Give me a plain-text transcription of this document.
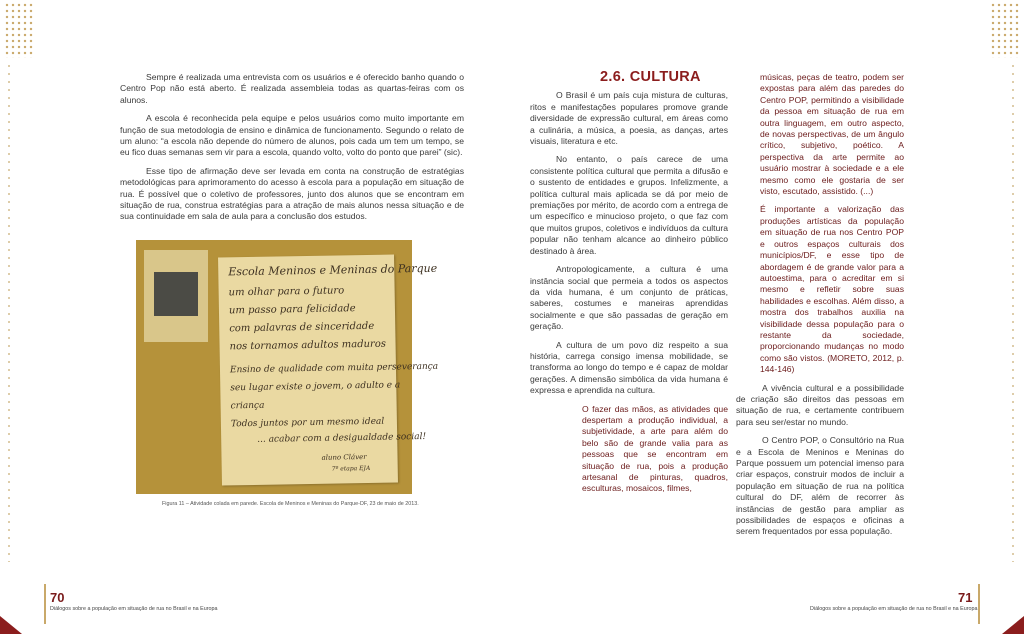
Sempre é realizada uma entrevista com os usuários e é oferecido banho quando o Centro Pop não está aberto. É realizada assembleia todas as quartas-feiras com os alunos.

A escola é reconhecida pela equipe e pelos usuários como muito importante em função de sua metodologia de ensino e dinâmica de funcionamento. Segundo o relato de um aluno: “a escola não depende do número de alunos, pois cada um tem um tempo, se eu fico duas semanas sem vir para a escola, quando volto, volto do ponto que parei” (sic).

Esse tipo de afirmação deve ser levada em conta na construção de estratégias metodológicas para aprimoramento do acesso à escola para a população em situação de rua. É possível que o coletivo de professores, junto dos alunos que se encontram em situação de rua, construa estratégias para a atração de mais alunos nessa situação e de sua continuidade em sala de aula para a conclusão dos estudos.

Escola Meninos e Meninas do Parque
um olhar para o futuro
um passo para felicidade
com palavras de sinceridade
nos tornamos adultos maduros
Ensino de qualidade com muita perseverança
seu lugar existe o jovem, o adulto e a
criança
Todos juntos por um mesmo ideal
... acabar com a desigualdade social!
aluno Cláver
7º etapa EJA
Figura 11 – Atividade colada em parede. Escola de Meninos e Meninas do Parque-DF, 23 de maio de 2013.
70
Diálogos sobre a população em situação de rua no Brasil e na Europa

2.6. CULTURA

O Brasil é um país cuja mistura de culturas, ritos e manifestações populares promove grande diversidade de expressão cultural, em áreas como a culinária, a música, a poesia, as danças, artes visuais, literatura e etc.

No entanto, o país carece de uma consistente política cultural que permita a difusão e o sustento de entidades e grupos. Infelizmente, a política cultural mais aplicada se dá por meio de premiações por mérito, de acordo com a entrega de um específico e minucioso projeto, o que faz com que muitos grupos, coletivos e indivíduos da cultura popular não tenham alcance ao dinheiro público destinado à área.

Antropologicamente, a cultura é uma instância social que permeia a todos os aspectos da vida humana, é um conjunto de práticas, saberes, costumes e maneiras aprendidas socialmente e que são passadas de geração em geração.

A cultura de um povo diz respeito a sua história, carrega consigo imensa mobilidade, se transforma ao longo do tempo e é capaz de moldar gerações. A dimensão simbólica da vida humana é expressa e aprendida na cultura.

O fazer das mãos, as atividades que despertam a produção individual, a subjetividade, a arte para além do belo são de grande valia para as pessoas que se encontram em situação de rua, pois a produção artesanal de pinturas, quadros, esculturas, mosaicos, filmes,

músicas, peças de teatro, podem ser expostas para além das paredes do Centro POP, permitindo a visibilidade da pessoa em situação de rua em outra linguagem, em outro aspecto, de novas perspectivas, de um ângulo crítico, subjetivo, poético. A perspectiva da arte permite ao usuário mostrar à sociedade e a ele mesmo como ele gostaria de ser visto, escutado, assistido. (...)

É importante a valorização das produções artísticas da população em situação de rua nos Centro POP e outros espaços culturais dos municípios/DF, e esse tipo de abordagem é de grande valor para a autoestima, para o acreditar em si mesmo e refletir sobre suas habilidades e escolhas. Além disso, a mostra dos trabalhos auxilia na visibilidade dessa população para o restante da sociedade, proporcionando mudanças no modo como são vistos. (MORETO, 2012, p. 144-146)

A vivência cultural e a possibilidade de criação são direitos das pessoas em situação de rua, e certamente contribuem para seu ser/estar no mundo.

O Centro POP, o Consultório na Rua e a Escola de Meninos e Meninas do Parque possuem um potencial imenso para criar espaços, construir modos de incluir a população em situação de rua na política cultural do DF, além de recorrer às instâncias de gestão para ampliar as possibilidades de espaços e oficinas a serem frequentados por essa população.

71
Diálogos sobre a população em situação de rua no Brasil e na Europa
